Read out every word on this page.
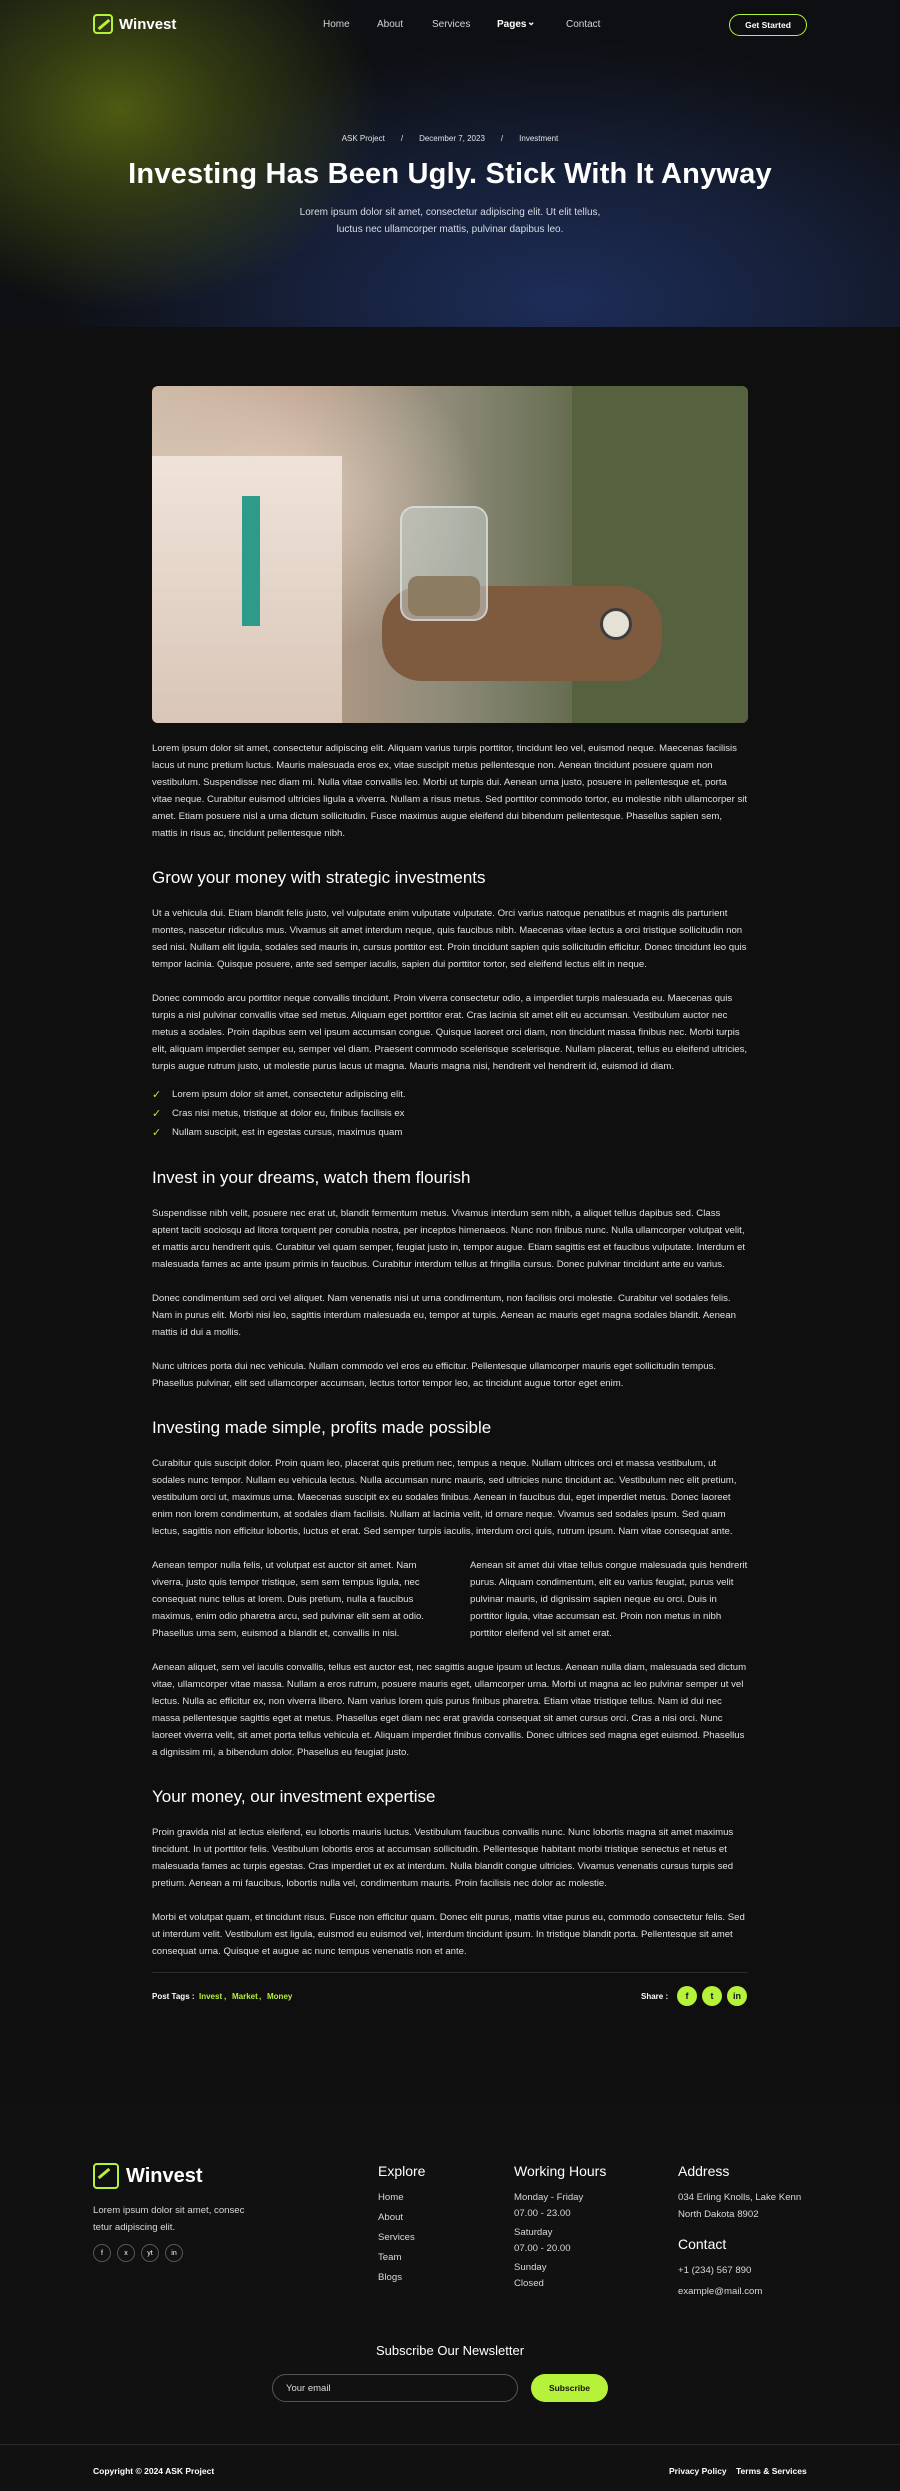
Winvest	Home	About	Services	Pages ⌄	Contact	Get Started
ASK Project / December 7, 2023 / Investment
Investing Has Been Ugly. Stick With It Anyway

Lorem ipsum dolor sit amet, consectetur adipiscing elit. Ut elit tellus, luctus nec ullamcorper mattis, pulvinar dapibus leo.

Lorem ipsum dolor sit amet, consectetur adipiscing elit. Aliquam varius turpis porttitor, tincidunt leo vel, euismod neque. Maecenas facilisis lacus ut nunc pretium luctus. Mauris malesuada eros ex, vitae suscipit metus pellentesque non. Aenean tincidunt posuere quam non vestibulum. Suspendisse nec diam mi. Nulla vitae convallis leo. Morbi ut turpis dui. Aenean urna justo, posuere in pellentesque et, porta vitae neque. Curabitur euismod ultricies ligula a viverra. Nullam a risus metus. Sed porttitor commodo tortor, eu molestie nibh ullamcorper sit amet. Etiam posuere nisl a urna dictum sollicitudin. Fusce maximus augue eleifend dui bibendum pellentesque. Phasellus sapien sem, mattis in risus ac, tincidunt pellentesque nibh.

Grow your money with strategic investments

Ut a vehicula dui. Etiam blandit felis justo, vel vulputate enim vulputate vulputate. Orci varius natoque penatibus et magnis dis parturient montes, nascetur ridiculus mus. Vivamus sit amet interdum neque, quis faucibus nibh. Maecenas vitae lectus a orci tristique sollicitudin non sed nisi. Nullam elit ligula, sodales sed mauris in, cursus porttitor est. Proin tincidunt sapien quis sollicitudin efficitur. Donec tincidunt leo quis tempor lacinia. Quisque posuere, ante sed semper iaculis, sapien dui porttitor tortor, sed eleifend lectus elit in neque.

Donec commodo arcu porttitor neque convallis tincidunt. Proin viverra consectetur odio, a imperdiet turpis malesuada eu. Maecenas quis turpis a nisl pulvinar convallis vitae sed metus. Aliquam eget porttitor erat. Cras lacinia sit amet elit eu accumsan. Vestibulum auctor nec metus a sodales. Proin dapibus sem vel ipsum accumsan congue. Quisque laoreet orci diam, non tincidunt massa finibus nec. Morbi turpis elit, aliquam imperdiet semper eu, semper vel diam. Praesent commodo scelerisque scelerisque. Nullam placerat, tellus eu eleifend ultricies, turpis augue rutrum justo, ut molestie purus lacus ut magna. Mauris magna nisi, hendrerit vel hendrerit id, euismod id diam.

✓ Lorem ipsum dolor sit amet, consectetur adipiscing elit.
✓ Cras nisi metus, tristique at dolor eu, finibus facilisis ex
✓ Nullam suscipit, est in egestas cursus, maximus quam
Invest in your dreams, watch them flourish

Suspendisse nibh velit, posuere nec erat ut, blandit fermentum metus. Vivamus interdum sem nibh, a aliquet tellus dapibus sed. Class aptent taciti sociosqu ad litora torquent per conubia nostra, per inceptos himenaeos. Nunc non finibus nunc. Nulla ullamcorper volutpat velit, et mattis arcu hendrerit quis. Curabitur vel quam semper, feugiat justo in, tempor augue. Etiam sagittis est et faucibus vulputate. Interdum et malesuada fames ac ante ipsum primis in faucibus. Curabitur interdum tellus at fringilla cursus. Donec pulvinar tincidunt ante eu varius.

Donec condimentum sed orci vel aliquet. Nam venenatis nisi ut urna condimentum, non facilisis orci molestie. Curabitur vel sodales felis. Nam in purus elit. Morbi nisi leo, sagittis interdum malesuada eu, tempor at turpis. Aenean ac mauris eget magna sodales blandit. Aenean mattis id dui a mollis.

Nunc ultrices porta dui nec vehicula. Nullam commodo vel eros eu efficitur. Pellentesque ullamcorper mauris eget sollicitudin tempus. Phasellus pulvinar, elit sed ullamcorper accumsan, lectus tortor tempor leo, ac tincidunt augue tortor eget enim.

Investing made simple, profits made possible

Curabitur quis suscipit dolor. Proin quam leo, placerat quis pretium nec, tempus a neque. Nullam ultrices orci et massa vestibulum, ut sodales nunc tempor. Nullam eu vehicula lectus. Nulla accumsan nunc mauris, sed ultricies nunc tincidunt ac. Vestibulum nec elit pretium, vestibulum orci ut, maximus urna. Maecenas suscipit ex eu sodales finibus. Aenean in faucibus dui, eget imperdiet metus. Donec laoreet enim non lorem condimentum, at sodales diam facilisis. Nullam at lacinia velit, id ornare neque. Vivamus sed sodales ipsum. Sed quam lectus, sagittis non efficitur lobortis, luctus et erat. Sed semper turpis iaculis, interdum orci quis, rutrum ipsum. Nam vitae consequat ante.

Aenean tempor nulla felis, ut volutpat est auctor sit amet. Nam viverra, justo quis tempor tristique, sem sem tempus ligula, nec consequat nunc tellus at lorem. Duis pretium, nulla a faucibus maximus, enim odio pharetra arcu, sed pulvinar elit sem at odio. Phasellus urna sem, euismod a blandit et, convallis in nisi.

Aenean sit amet dui vitae tellus congue malesuada quis hendrerit purus. Aliquam condimentum, elit eu varius feugiat, purus velit pulvinar mauris, id dignissim sapien neque eu orci. Duis in porttitor ligula, vitae accumsan est. Proin non metus in nibh porttitor eleifend vel sit amet erat.

Aenean aliquet, sem vel iaculis convallis, tellus est auctor est, nec sagittis augue ipsum ut lectus. Aenean nulla diam, malesuada sed dictum vitae, ullamcorper vitae massa. Nullam a eros rutrum, posuere mauris eget, ullamcorper urna. Morbi ut magna ac leo pulvinar semper ut vel lectus. Nulla ac efficitur ex, non viverra libero. Nam varius lorem quis purus finibus pharetra. Etiam vitae tristique tellus. Nam id dui nec massa pellentesque sagittis eget at metus. Phasellus eget diam nec erat gravida consequat sit amet cursus orci. Cras a nisi orci. Nunc laoreet viverra velit, sit amet porta tellus vehicula et. Aliquam imperdiet finibus convallis. Donec ultrices sed magna eget euismod. Phasellus a dignissim mi, a bibendum dolor. Phasellus eu feugiat justo.

Your money, our investment expertise

Proin gravida nisl at lectus eleifend, eu lobortis mauris luctus. Vestibulum faucibus convallis nunc. Nunc lobortis magna sit amet maximus tincidunt. In ut porttitor felis. Vestibulum lobortis eros at accumsan sollicitudin. Pellentesque habitant morbi tristique senectus et netus et malesuada fames ac turpis egestas. Cras imperdiet ut ex at interdum. Nulla blandit congue ultricies. Vivamus venenatis cursus turpis sed pretium. Aenean a mi faucibus, lobortis nulla vel, condimentum mauris. Proin facilisis nec dolor ac molestie.

Morbi et volutpat quam, et tincidunt risus. Fusce non efficitur quam. Donec elit purus, mattis vitae purus eu, commodo consectetur felis. Sed ut interdum velit. Vestibulum est ligula, euismod eu euismod vel, interdum tincidunt ipsum. In tristique blandit porta. Pellentesque sit amet consequat urna. Quisque et augue ac nunc tempus venenatis non et ante.

Post Tags : Invest , Market , Money	Share :	f	t	in
Winvest

Lorem ipsum dolor sit amet, consec tetur adipiscing elit.

f	x	yt	in
Explore
Home
About
Services
Team
Blogs
Working Hours
Monday - Friday
07.00 - 23.00
Saturday
07.00 - 20.00
Sunday
Closed
Address
034 Erling Knolls, Lake Kenn
North Dakota 8902
Contact
+1 (234) 567 890
example@mail.com
Subscribe Our Newsletter
Your email	Subscribe
Copyright © 2024 ASK Project	Privacy Policy Terms & Services
